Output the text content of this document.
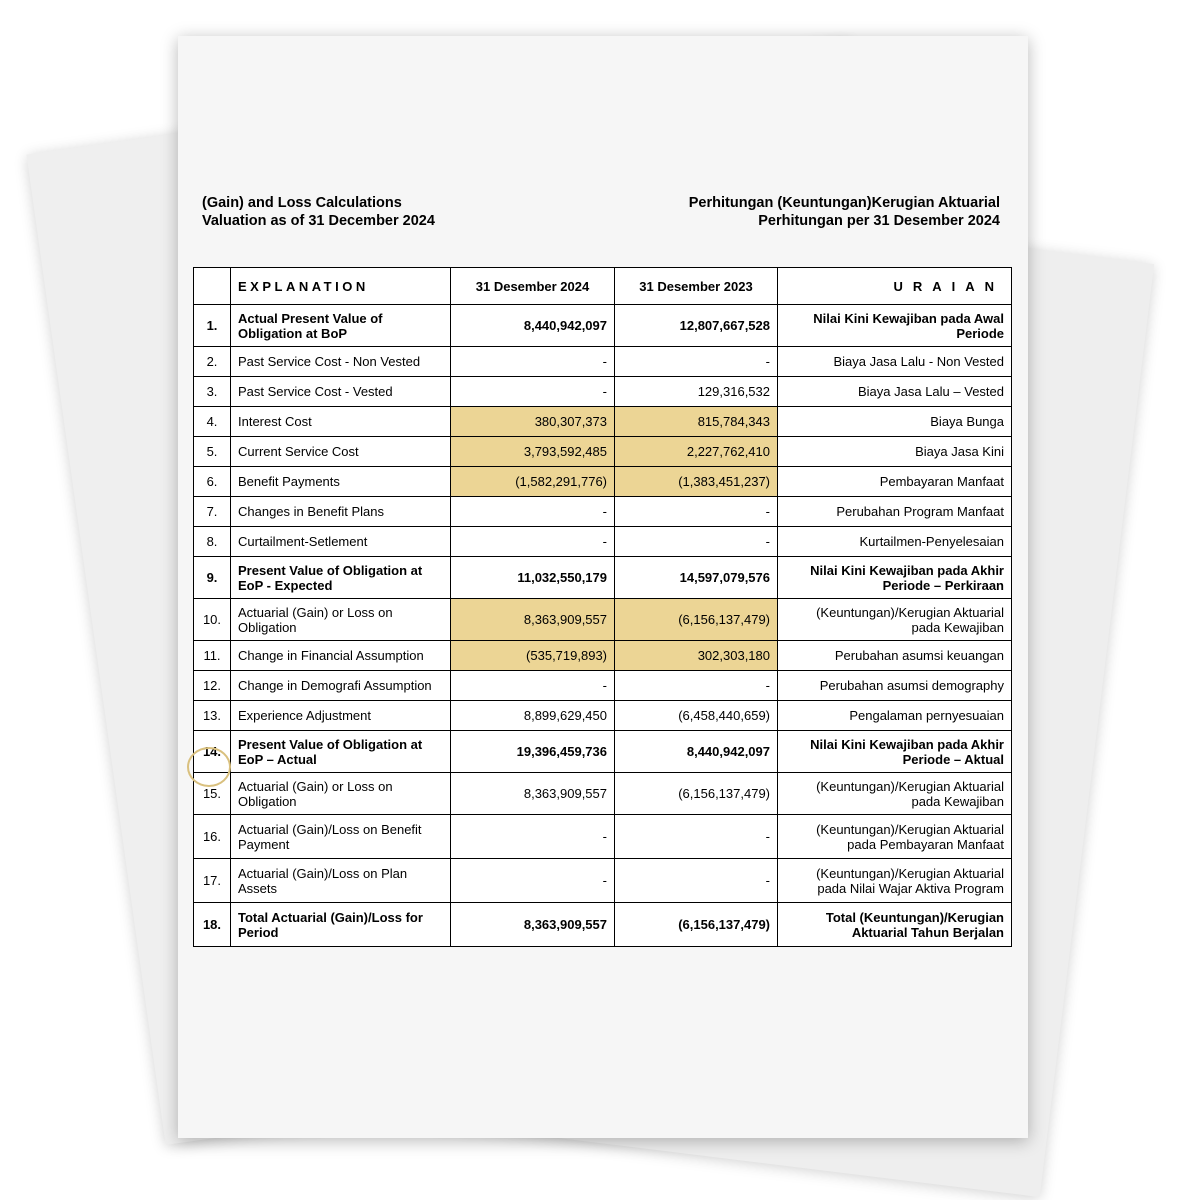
(Gain) and Loss Calculations
Valuation as of 31 December 2024
Perhitungan (Keuntungan)Kerugian Aktuarial
Perhitungan per 31 Desember 2024
	EXPLANATION	31 Desember 2024	31 Desember 2023	URAIAN
1.	Actual Present Value of Obligation at BoP	8,440,942,097	12,807,667,528	Nilai Kini Kewajiban pada Awal Periode
2.	Past Service Cost - Non Vested	-	-	Biaya Jasa Lalu - Non Vested
3.	Past Service Cost - Vested	-	129,316,532	Biaya Jasa Lalu – Vested
4.	Interest Cost	380,307,373	815,784,343	Biaya Bunga
5.	Current Service Cost	3,793,592,485	2,227,762,410	Biaya Jasa Kini
6.	Benefit Payments	(1,582,291,776)	(1,383,451,237)	Pembayaran Manfaat
7.	Changes in Benefit Plans	-	-	Perubahan Program Manfaat
8.	Curtailment-Setlement	-	-	Kurtailmen-Penyelesaian
9.	Present Value of Obligation at EoP - Expected	11,032,550,179	14,597,079,576	Nilai Kini Kewajiban pada Akhir Periode – Perkiraan
10.	Actuarial (Gain) or Loss on Obligation	8,363,909,557	(6,156,137,479)	(Keuntungan)/Kerugian Aktuarial pada Kewajiban
11.	Change in Financial Assumption	(535,719,893)	302,303,180	Perubahan asumsi keuangan
12.	Change in Demografi Assumption	-	-	Perubahan asumsi demography
13.	Experience Adjustment	8,899,629,450	(6,458,440,659)	Pengalaman pernyesuaian
14.	Present Value of Obligation at EoP – Actual	19,396,459,736	8,440,942,097	Nilai Kini Kewajiban pada Akhir Periode – Aktual
15.	Actuarial (Gain) or Loss on Obligation	8,363,909,557	(6,156,137,479)	(Keuntungan)/Kerugian Aktuarial pada Kewajiban
16.	Actuarial (Gain)/Loss on Benefit Payment	-	-	(Keuntungan)/Kerugian Aktuarial pada Pembayaran Manfaat
17.	Actuarial (Gain)/Loss on Plan Assets	-	-	(Keuntungan)/Kerugian Aktuarial pada Nilai Wajar Aktiva Program
18.	Total Actuarial (Gain)/Loss for Period	8,363,909,557	(6,156,137,479)	Total (Keuntungan)/Kerugian Aktuarial Tahun Berjalan
